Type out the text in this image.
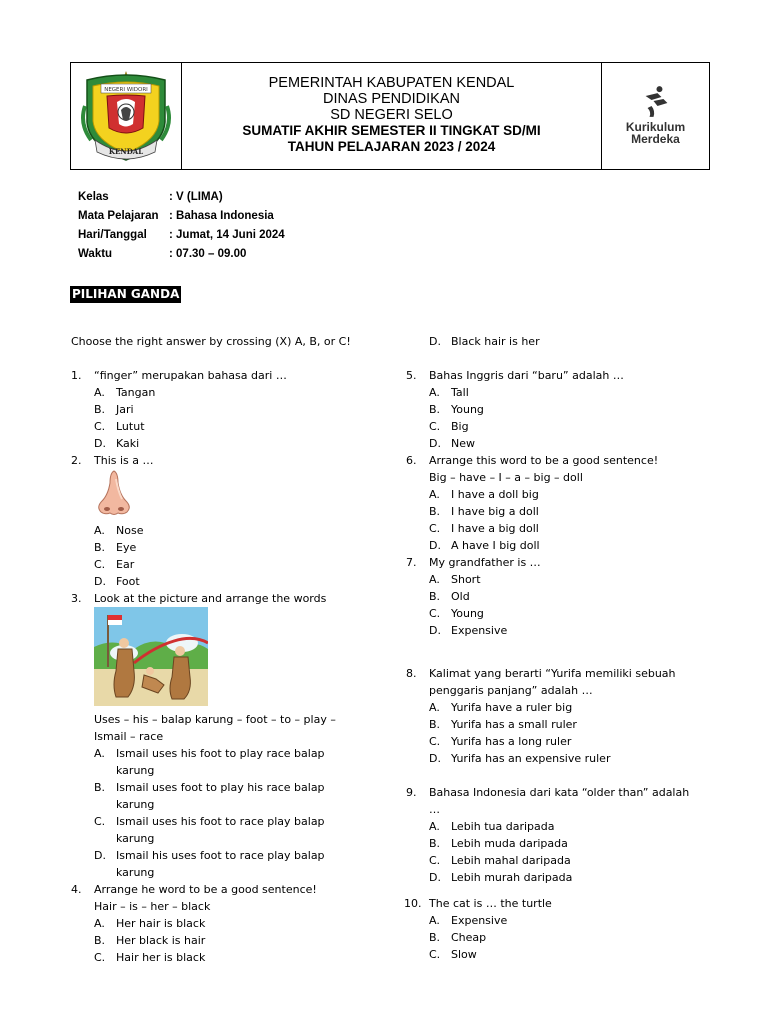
NEGERI WIDORI
KENDAL
PEMERINTAH KABUPATEN KENDAL
DINAS PENDIDIKAN
SD NEGERI SELO
SUMATIF AKHIR SEMESTER II TINGKAT SD/MI
TAHUN PELAJARAN 2023 / 2024
Kurikulum
Merdeka
Kelas	: V (LIMA)
Mata Pelajaran : Bahasa Indonesia
Hari/Tanggal : Jumat, 14 Juni 2024
Waktu	: 07.30 – 09.00
PILIHAN GANDA
Choose the right answer by crossing (X) A, B, or C!
1. “finger” merupakan bahasa dari …
A. Tangan
B. Jari
C. Lutut
D. Kaki
2. This is a …
A. Nose
B. Eye
C. Ear
D. Foot
3. Look at the picture and arrange the words
Uses – his – balap karung – foot – to – play –
Ismail – race
A. Ismail uses his foot to play race balap
karung
B. Ismail uses foot to play his race balap
karung
C. Ismail uses his foot to race play balap
karung
D. Ismail his uses foot to race play balap
karung
4. Arrange he word to be a good sentence!
Hair – is – her – black
A. Her hair is black
B. Her black is hair
C. Hair her is black
D. Black hair is her
5. Bahas Inggris dari “baru” adalah …
A. Tall
B. Young
C. Big
D. New
6. Arrange this word to be a good sentence!
Big – have – I – a – big – doll
A. I have a doll big
B. I have big a doll
C. I have a big doll
D. A have I big doll
7. My grandfather is …
A. Short
B. Old
C. Young
D. Expensive
8. Kalimat yang berarti “Yurifa memiliki sebuah
penggaris panjang” adalah …
A. Yurifa have a ruler big
B. Yurifa has a small ruler
C. Yurifa has a long ruler
D. Yurifa has an expensive ruler
9. Bahasa Indonesia dari kata “older than” adalah
…
A. Lebih tua daripada
B. Lebih muda daripada
C. Lebih mahal daripada
D. Lebih murah daripada
10. The cat is … the turtle
A. Expensive
B. Cheap
C. Slow
